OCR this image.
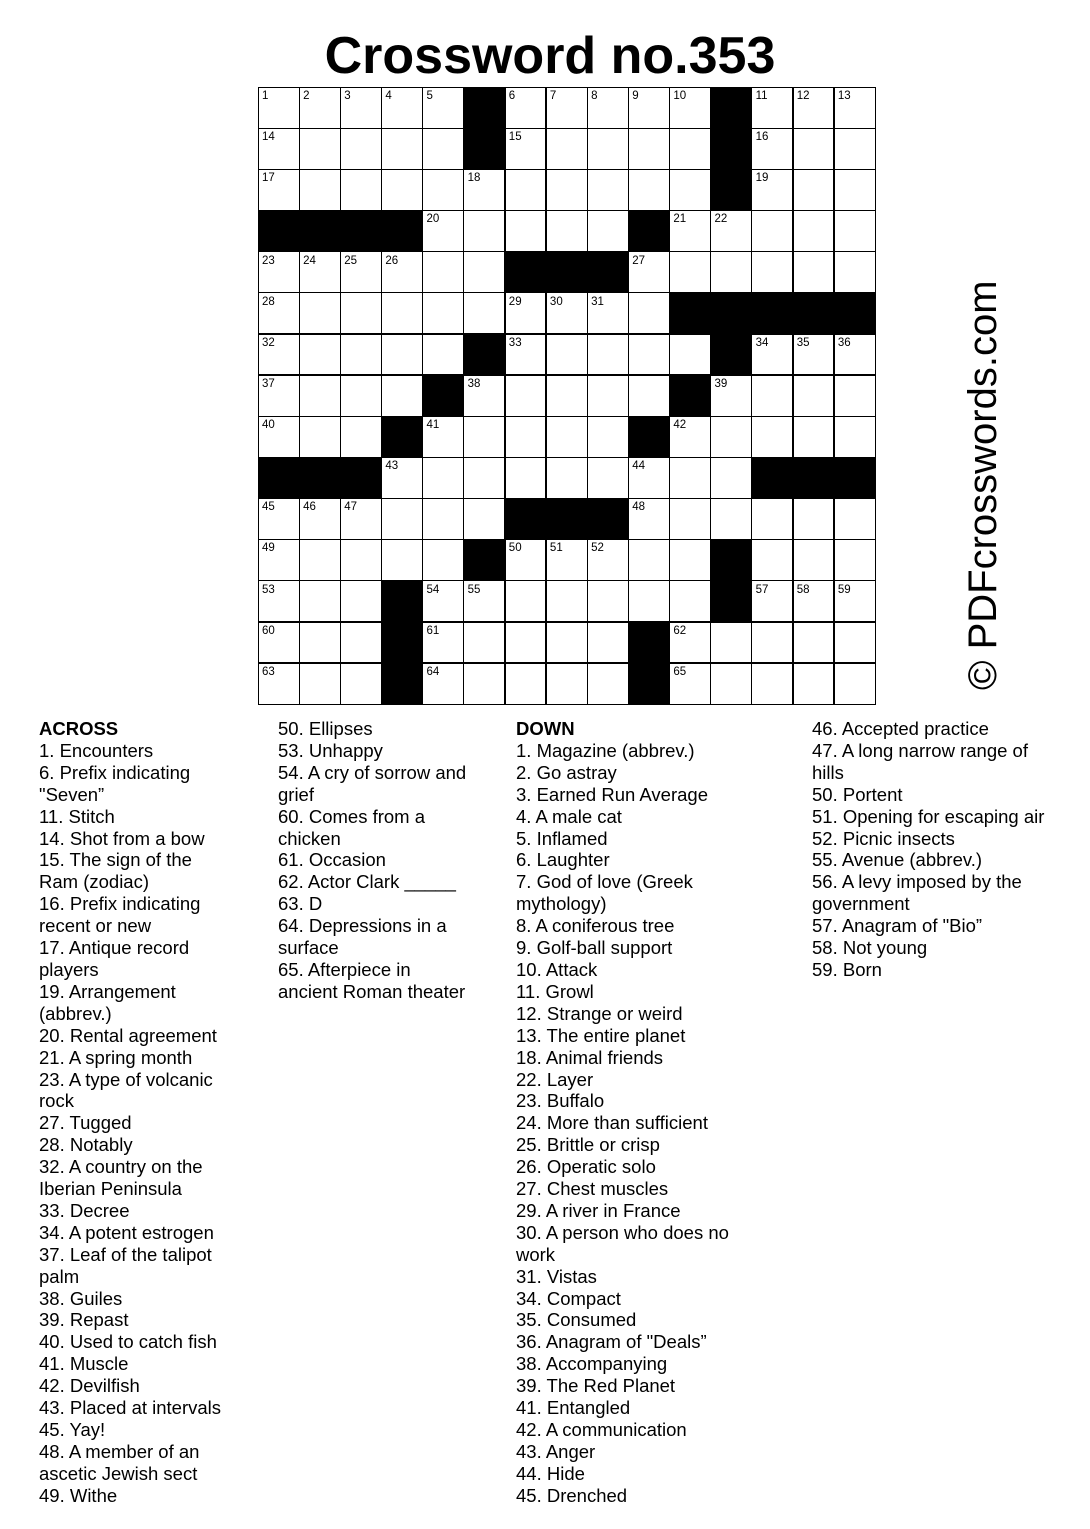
Crossword no.353
1	2	3	4	5	6	7	8	9	10	11	12 13
14	15	16
17	18	19
20	21 22
23 24 25 26	27
28	29 30 31
32	33	34 35 36
37	38	39
40	41	42
43	44
45 46 47	48
49	50 51 52
53	54 55	56 57 58 59
60	61	62
63	64	65	© PDFcrosswords.com
ACROSS
1. Encounters
6. Prefix indicating
"Seven”
11. Stitch
14. Shot from a bow
15. The sign of the
Ram (zodiac)
16. Prefix indicating
recent or new
17. Antique record
players
19. Arrangement
(abbrev.)
20. Rental agreement
21. A spring month
23. A type of volcanic
rock
27. Tugged
28. Notably
32. A country on the
Iberian Peninsula
33. Decree
34. A potent estrogen
37. Leaf of the talipot
palm
38. Guiles
39. Repast
40. Used to catch fish
41. Muscle
42. Devilfish
43. Placed at intervals
45. Yay!
48. A member of an
ascetic Jewish sect
49. Withe
50. Ellipses
53. Unhappy
54. A cry of sorrow and
grief
60. Comes from a
chicken
61. Occasion
62. Actor Clark _____
63. D
64. Depressions in a
surface
65. Afterpiece in
ancient Roman theater
DOWN
1. Magazine (abbrev.)
2. Go astray
3. Earned Run Average
4. A male cat
5. Inflamed
6. Laughter
7. God of love (Greek
mythology)
8. A coniferous tree
9. Golf-ball support
10. Attack
11. Growl
12. Strange or weird
13. The entire planet
18. Animal friends
22. Layer
23. Buffalo
24. More than sufficient
25. Brittle or crisp
26. Operatic solo
27. Chest muscles
29. A river in France
30. A person who does no
work
31. Vistas
34. Compact
35. Consumed
36. Anagram of "Deals”
38. Accompanying
39. The Red Planet
41. Entangled
42. A communication
43. Anger
44. Hide
45. Drenched
46. Accepted practice
47. A long narrow range of
hills
50. Portent
51. Opening for escaping air
52. Picnic insects
55. Avenue (abbrev.)
56. A levy imposed by the
government
57. Anagram of "Bio”
58. Not young
59. Born
